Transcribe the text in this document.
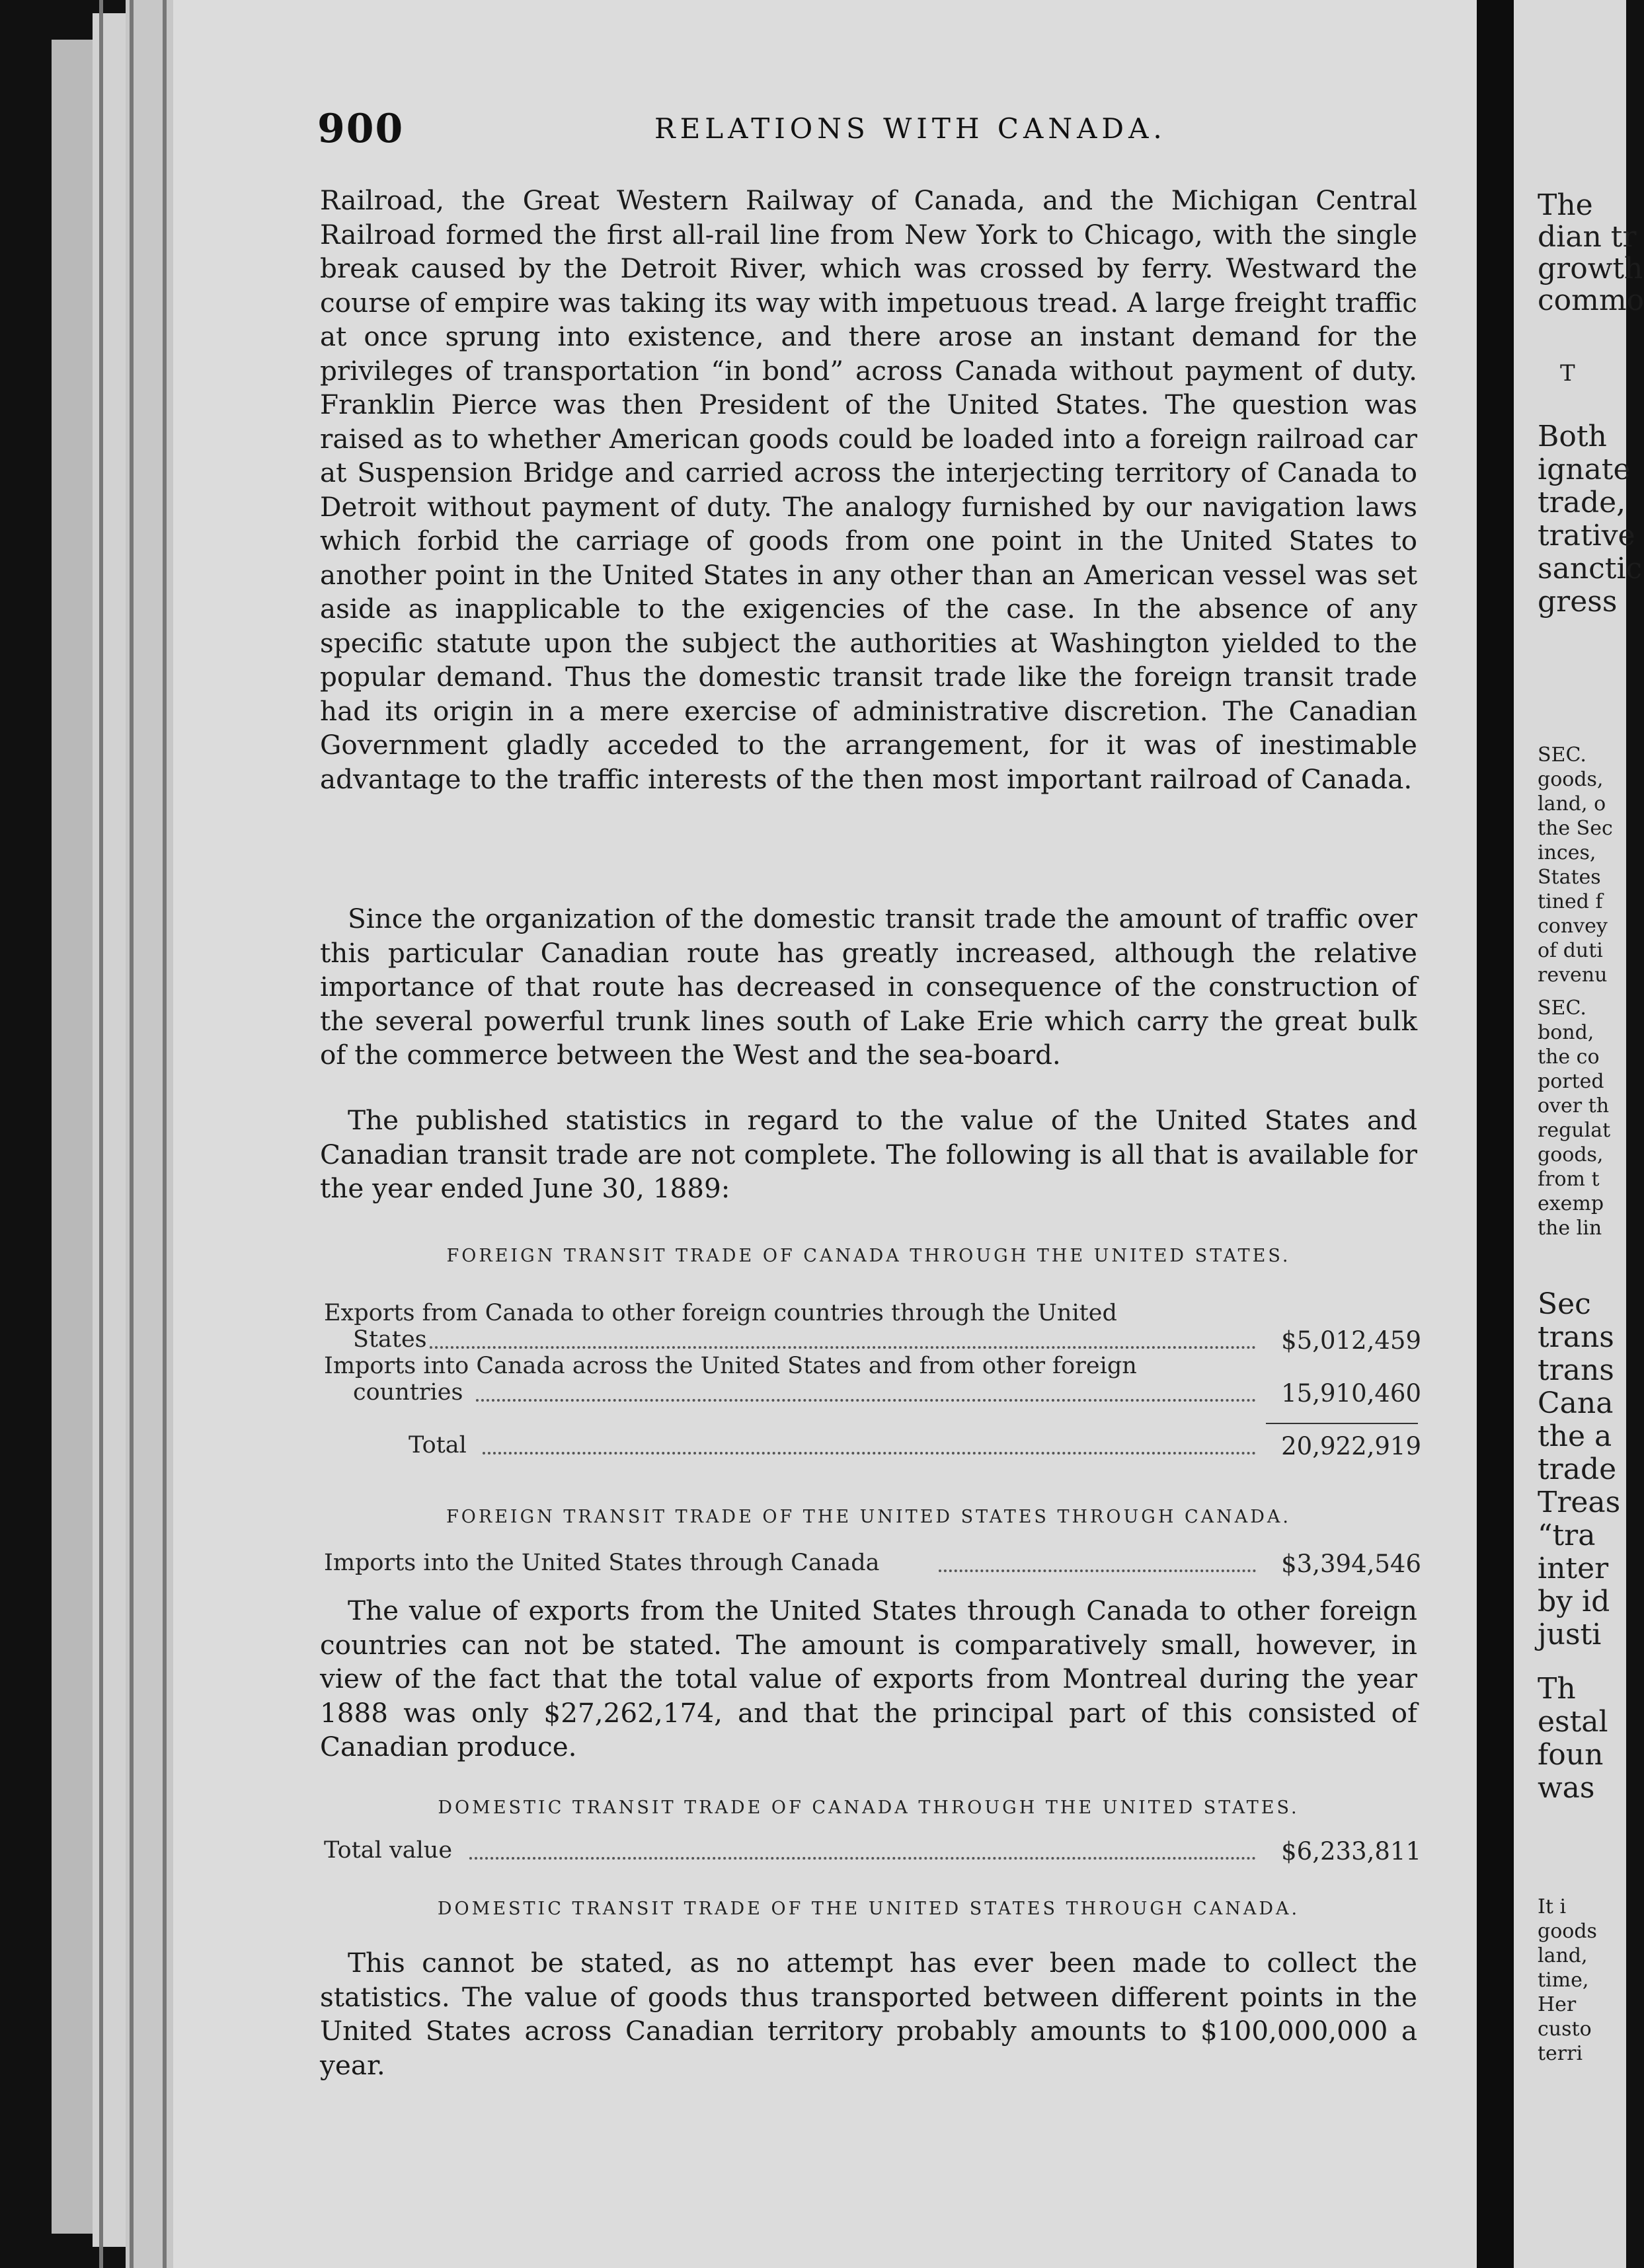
The
dian tr
growth
commo
T
Both
ignate
trade,
trative
sanctic
gress
SEC.
goods,
land, o
the Sec
inces,
States
tined f
convey
of duti
revenu
SEC.
bond,
the co
ported
over th
regulat
goods,
from t
exemp
the lin
Sec
trans
trans
Cana
the a
trade
Treas
“tra
inter
by id
justi
Th
estal
foun
was
It i
goods
land,
time,
Her
custo
terri
900	RELATIONS WITH CANADA.

Railroad, the Great Western Railway of Canada, and the Michigan Central Railroad formed the first all-rail line from New York to Chicago, with the single break caused by the Detroit River, which was crossed by ferry. Westward the course of empire was taking its way with impetuous tread. A large freight traffic at once sprung into existence, and there arose an instant demand for the privileges of transportation “in bond” across Canada without payment of duty. Franklin Pierce was then President of the United States. The question was raised as to whether American goods could be loaded into a foreign railroad car at Suspension Bridge and carried across the interjecting territory of Canada to Detroit without payment of duty. The analogy furnished by our navigation laws which forbid the carriage of goods from one point in the United States to another point in the United States in any other than an American vessel was set aside as inapplicable to the exigencies of the case. In the absence of any specific statute upon the subject the authorities at Washington yielded to the popular demand. Thus the domestic transit trade like the foreign transit trade had its origin in a mere exercise of administrative discretion. The Canadian Government gladly acceded to the arrangement, for it was of inestimable advantage to the traffic interests of the then most important railroad of Canada.

Since the organization of the domestic transit trade the amount of traffic over this particular Canadian route has greatly increased, although the relative importance of that route has decreased in consequence of the construction of the several powerful trunk lines south of Lake Erie which carry the great bulk of the commerce between the West and the sea-board.

The published statistics in regard to the value of the United States and Canadian transit trade are not complete. The following is all that is available for the year ended June 30, 1889:

FOREIGN TRANSIT TRADE OF CANADA THROUGH THE UNITED STATES.
Exports from Canada to other foreign countries through the United
States	$5,012,459
Imports into Canada across the United States and from other foreign
countries	15,910,460
Total	20,922,919
FOREIGN TRANSIT TRADE OF THE UNITED STATES THROUGH CANADA.
Imports into the United States through Canada	$3,394,546

The value of exports from the United States through Canada to other foreign countries can not be stated. The amount is comparatively small, however, in view of the fact that the total value of exports from Montreal during the year 1888 was only $27,262,174, and that the principal part of this consisted of Canadian produce.

DOMESTIC TRANSIT TRADE OF CANADA THROUGH THE UNITED STATES.
Total value	$6,233,811
DOMESTIC TRANSIT TRADE OF THE UNITED STATES THROUGH CANADA.

This cannot be stated, as no attempt has ever been made to collect the statistics. The value of goods thus transported between different points in the United States across Canadian territory probably amounts to $100,000,000 a year.
